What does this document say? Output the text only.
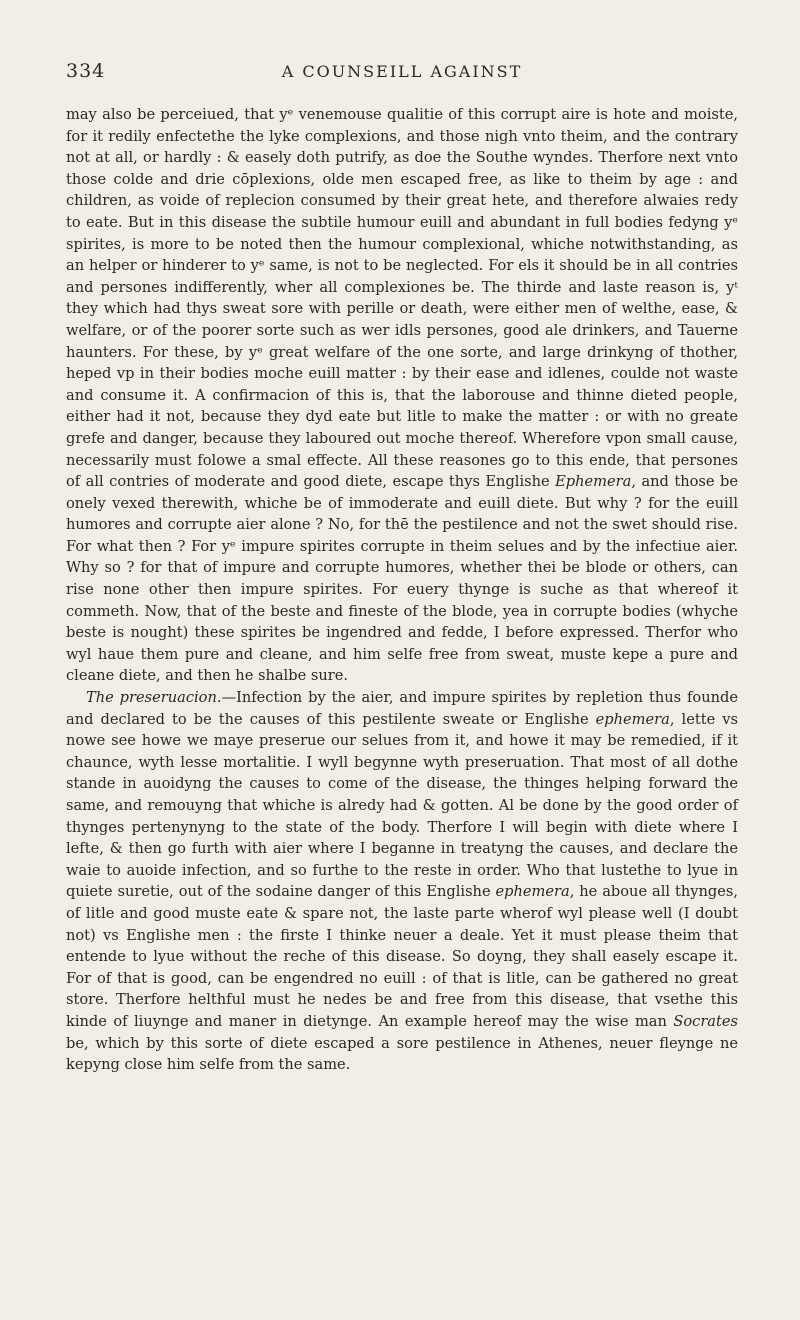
334	A COUNSEILL AGAINST

may also be perceiued, that yᵉ venemouse qualitie of this corrupt aire is hote and moiste, for it redily enfectethe the lyke complexions, and those nigh vnto theim, and the contrary not at all, or hardly : & easely doth putrify, as doe the Southe wyndes. Therfore next vnto those colde and drie cōplexions, olde men escaped free, as like to theim by age : and children, as voide of replecion consumed by their great hete, and therefore alwaies redy to eate. But in this disease the subtile humour euill and abundant in full bodies fedyng yᵉ spirites, is more to be noted then the humour complexional, whiche notwithstanding, as an helper or hinderer to yᵉ same, is not to be neglected. For els it should be in all contries and persones indifferently, wher all complexiones be. The thirde and laste reason is, yᵗ they which had thys sweat sore with perille or death, were either men of welthe, ease, & welfare, or of the poorer sorte such as wer idls persones, good ale drinkers, and Tauerne haunters. For these, by yᵉ great welfare of the one sorte, and large drinkyng of thother, heped vp in their bodies moche euill matter : by their ease and idlenes, coulde not waste and consume it. A confirmacion of this is, that the laborouse and thinne dieted people, either had it not, because they dyd eate but litle to make the matter : or with no greate grefe and danger, because they laboured out moche thereof. Wherefore vpon small cause, necessarily must folowe a smal effecte. All these reasones go to this ende, that persones of all contries of moderate and good diete, escape thys Englishe Ephemera, and those be onely vexed therewith, whiche be of immoderate and euill diete. But why ? for the euill humores and corrupte aier alone ? No, for thē the pestilence and not the swet should rise. For what then ? For yᵉ impure spirites corrupte in theim selues and by the infectiue aier. Why so ? for that of impure and corrupte humores, whether thei be blode or others, can rise none other then impure spirites. For euery thynge is suche as that whereof it commeth. Now, that of the beste and fineste of the blode, yea in corrupte bodies (whyche beste is nought) these spirites be ingendred and fedde, I before expressed. Therfor who wyl haue them pure and cleane, and him selfe free from sweat, muste kepe a pure and cleane diete, and then he shalbe sure.

The preseruacion.—Infection by the aier, and impure spirites by repletion thus founde and declared to be the causes of this pestilente sweate or Englishe ephemera, lette vs nowe see howe we maye preserue our selues from it, and howe it may be remedied, if it chaunce, wyth lesse mortalitie. I wyll begynne wyth preseruation. That most of all dothe stande in auoidyng the causes to come of the disease, the thinges helping forward the same, and remouyng that whiche is alredy had & gotten. Al be done by the good order of thynges pertenynyng to the state of the body. Therfore I will begin with diete where I lefte, & then go furth with aier where I beganne in treatyng the causes, and declare the waie to auoide infection, and so furthe to the reste in order. Who that lustethe to lyue in quiete suretie, out of the sodaine danger of this Englishe ephemera, he aboue all thynges, of litle and good muste eate & spare not, the laste parte wherof wyl please well (I doubt not) vs Englishe men : the firste I thinke neuer a deale. Yet it must please theim that entende to lyue without the reche of this disease. So doyng, they shall easely escape it. For of that is good, can be engendred no euill : of that is litle, can be gathered no great store. Therfore helthful must he nedes be and free from this disease, that vsethe this kinde of liuynge and maner in dietynge. An example hereof may the wise man Socrates be, which by this sorte of diete escaped a sore pestilence in Athenes, neuer fleynge ne kepyng close him selfe from the same.
